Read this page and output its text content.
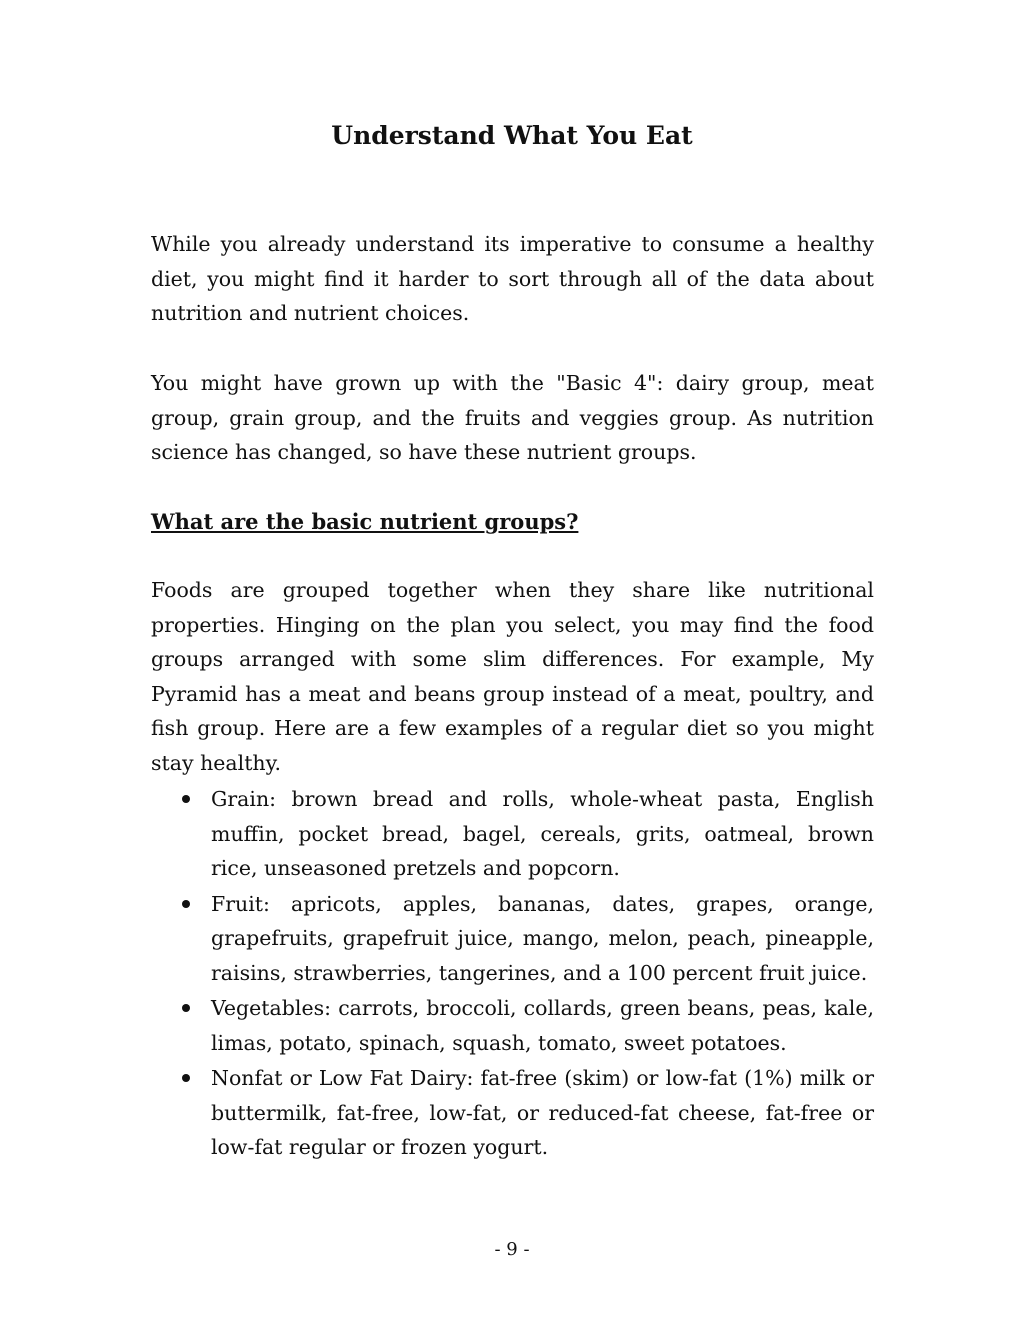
Understand What You Eat

While you already understand its imperative to consume a healthy diet, you might find it harder to sort through all of the data about nutrition and nutrient choices.

You might have grown up with the "Basic 4": dairy group, meat group, grain group, and the fruits and veggies group. As nutrition science has changed, so have these nutrient groups.

What are the basic nutrient groups?

Foods are grouped together when they share like nutritional properties. Hinging on the plan you select, you may find the food groups arranged with some slim differences. For example, My Pyramid has a meat and beans group instead of a meat, poultry, and fish group. Here are a few examples of a regular diet so you might stay healthy.

Grain: brown bread and rolls, whole-wheat pasta, English muffin, pocket bread, bagel, cereals, grits, oatmeal, brown rice, unseasoned pretzels and popcorn.
Fruit: apricots, apples, bananas, dates, grapes, orange, grapefruits, grapefruit juice, mango, melon, peach, pineapple, raisins, strawberries, tangerines, and a 100 percent fruit juice.
Vegetables: carrots, broccoli, collards, green beans, peas, kale, limas, potato, spinach, squash, tomato, sweet potatoes.
Nonfat or Low Fat Dairy: fat-free (skim) or low-fat (1%) milk or buttermilk, fat-free, low-fat, or reduced-fat cheese, fat-free or low-fat regular or frozen yogurt.
- 9 -
